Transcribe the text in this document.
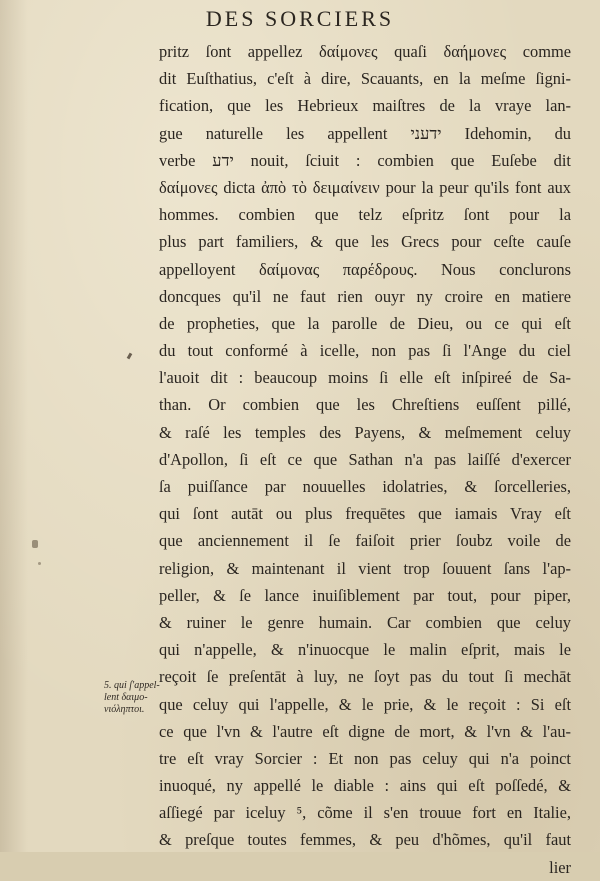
DES SORCIERS
pritz ſont appellez δαίμονες quaſi δαήμονες comme
dit Euſthatius, c'eſt à dire, Scauants, en la meſme ſigni-
fication, que les Hebrieux maiſtres de la vraye lan-
gue naturelle les appellent ידעני Idehomin, du
verbe ידע nouit, ſciuit : combien que Euſebe dit
δαίμονες dicta ἀπὸ τὸ δειμαίνειν pour la peur qu'ils font aux
hommes. combien que telz eſpritz ſont pour la
plus part familiers, & que les Grecs pour ceſte cauſe
appelloyent δαίμονας παρέδρους. Nous conclurons
doncques qu'il ne faut rien ouyr ny croire en matiere
de propheties, que la parolle de Dieu, ou ce qui eſt
du tout conformé à icelle, non pas ſi l'Ange du ciel
l'auoit dit : beaucoup moins ſi elle eſt inſpireé de Sa-
than. Or combien que les Chreſtiens euſſent pillé,
& raſé les temples des Payens, & meſmement celuy
d'Apollon, ſi eſt ce que Sathan n'a pas laiſſé d'exercer
ſa puiſſance par nouuelles idolatries, & ſorcelleries,
qui ſont autāt ou plus frequētes que iamais Vray eſt
que anciennement il ſe faiſoit prier ſoubz voile de
religion, & maintenant il vient trop ſouuent ſans l'ap-
peller, & ſe lance inuiſiblement par tout, pour piper,
& ruiner le genre humain. Car combien que celuy
qui n'appelle, & n'inuocque le malin eſprit, mais le
reçoit ſe preſentāt à luy, ne ſoyt pas du tout ſi mechāt
que celuy qui l'appelle, & le prie, & le reçoit : Si eſt
ce que l'vn & l'autre eſt digne de mort, & l'vn & l'au-
tre eſt vray Sorcier : Et non pas celuy qui n'a poinct
inuoqué, ny appellé le diable : ains qui eſt poſſedé, &
aſſiegé par iceluy ⁵, cõme il s'en trouue fort en Italie,
& preſque toutes femmes, & peu d'hõmes, qu'il faut
lier
5. qui ſ'appel-
lent δαιμο-
νιόληπτοι.
